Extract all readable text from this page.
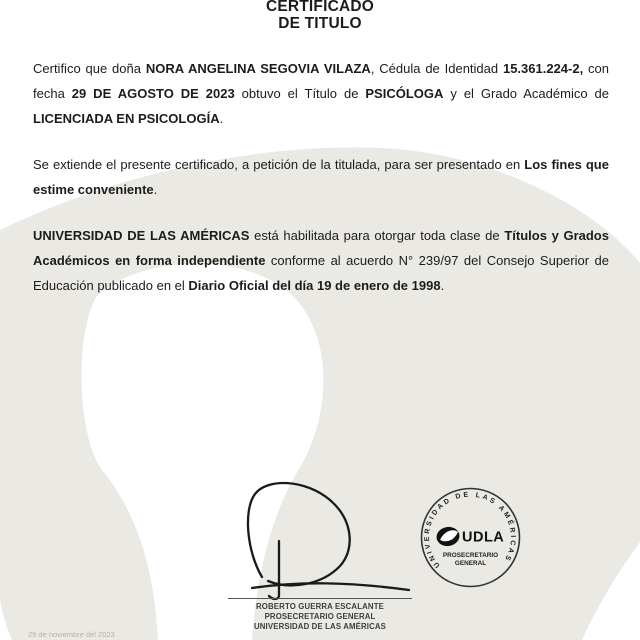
CERTIFICADO
DE TITULO

Certifico que doña NORA ANGELINA SEGOVIA VILAZA, Cédula de Identidad 15.361.224-2, con fecha 29 DE AGOSTO DE 2023 obtuvo el Título de PSICÓLOGA y el Grado Académico de LICENCIADA EN PSICOLOGÍA.

Se extiende el presente certificado, a petición de la titulada, para ser presentado en Los fines que estime conveniente.

UNIVERSIDAD DE LAS AMÉRICAS está habilitada para otorgar toda clase de Títulos y Grados Académicos en forma independiente conforme al acuerdo N° 239/97 del Consejo Superior de Educación publicado en el Diario Oficial del día 19 de enero de 1998.

ROBERTO GUERRA ESCALANTE
PROSECRETARIO GENERAL
UNIVERSIDAD DE LAS AMÉRICAS
UNIVERSIDAD DE LAS AMÉRICAS
UDLA
PROSECRETARIO
GENERAL
29 de noviembre del 2023
